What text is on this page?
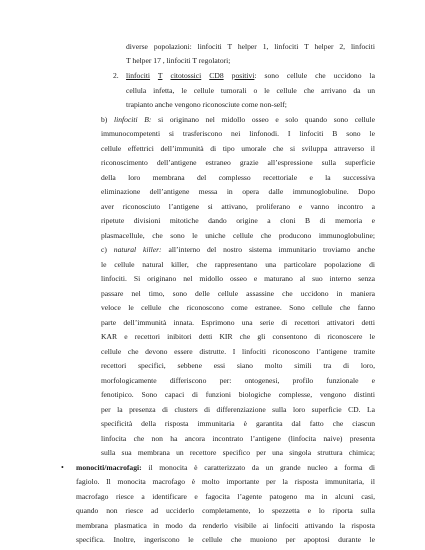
diverse popolazioni: linfociti T helper 1, linfociti T helper 2, linfociti

T helper 17 , linfociti T regolatori;

2. linfociti T citotossici CD8 positivi: sono cellule che uccidono la

cellula infetta, le cellule tumorali o le cellule che arrivano da un

trapianto anche vengono riconosciute come non-self;

b) linfociti B: si originano nel midollo osseo e solo quando sono cellule

immunocompetenti si trasferiscono nei linfonodi. I linfociti B sono le

cellule effettrici dell’immunità di tipo umorale che si sviluppa attraverso il

riconoscimento dell’antigene estraneo grazie all’espressione sulla superficie

della loro membrana del complesso recettoriale e la successiva

eliminazione dell’antigene messa in opera dalle immunoglobuline. Dopo

aver riconosciuto l’antigene si attivano, proliferano e vanno incontro a

ripetute divisioni mitotiche dando origine a cloni B di memoria e

plasmacellule, che sono le uniche cellule che producono immunoglobuline;

c) natural killer: all’interno del nostro sistema immunitario troviamo anche

le cellule natural killer, che rappresentano una particolare popolazione di

linfociti. Si originano nel midollo osseo e maturano al suo interno senza

passare nel timo, sono delle cellule assassine che uccidono in maniera

veloce le cellule che riconoscono come estranee. Sono cellule che fanno

parte dell’immunità innata. Esprimono una serie di recettori attivatori detti

KAR e recettori inibitori detti KIR che gli consentono di riconoscere le

cellule che devono essere distrutte. I linfociti riconoscono l’antigene tramite

recettori specifici, sebbene essi siano molto simili tra di loro,

morfologicamente differiscono per: ontogenesi, profilo funzionale e

fenotipico. Sono capaci di funzioni biologiche complesse, vengono distinti

per la presenza di clusters di differenziazione sulla loro superficie CD. La

specificità della risposta immunitaria è garantita dal fatto che ciascun

linfocita che non ha ancora incontrato l’antigene (linfocita naive) presenta

sulla sua membrana un recettore specifico per una singola struttura chimica;

• monociti/macrofagi: il monocita è caratterizzato da un grande nucleo a forma di

fagiolo. Il monocita macrofago è molto importante per la risposta immunitaria, il

macrofago riesce a identificare e fagocita l’agente patogeno ma in alcuni casi,

quando non riesce ad ucciderlo completamente, lo spezzetta e lo riporta sulla

membrana plasmatica in modo da renderlo visibile ai linfociti attivando la risposta

specifica. Inoltre, ingeriscono le cellule che muoiono per apoptosi durante le
